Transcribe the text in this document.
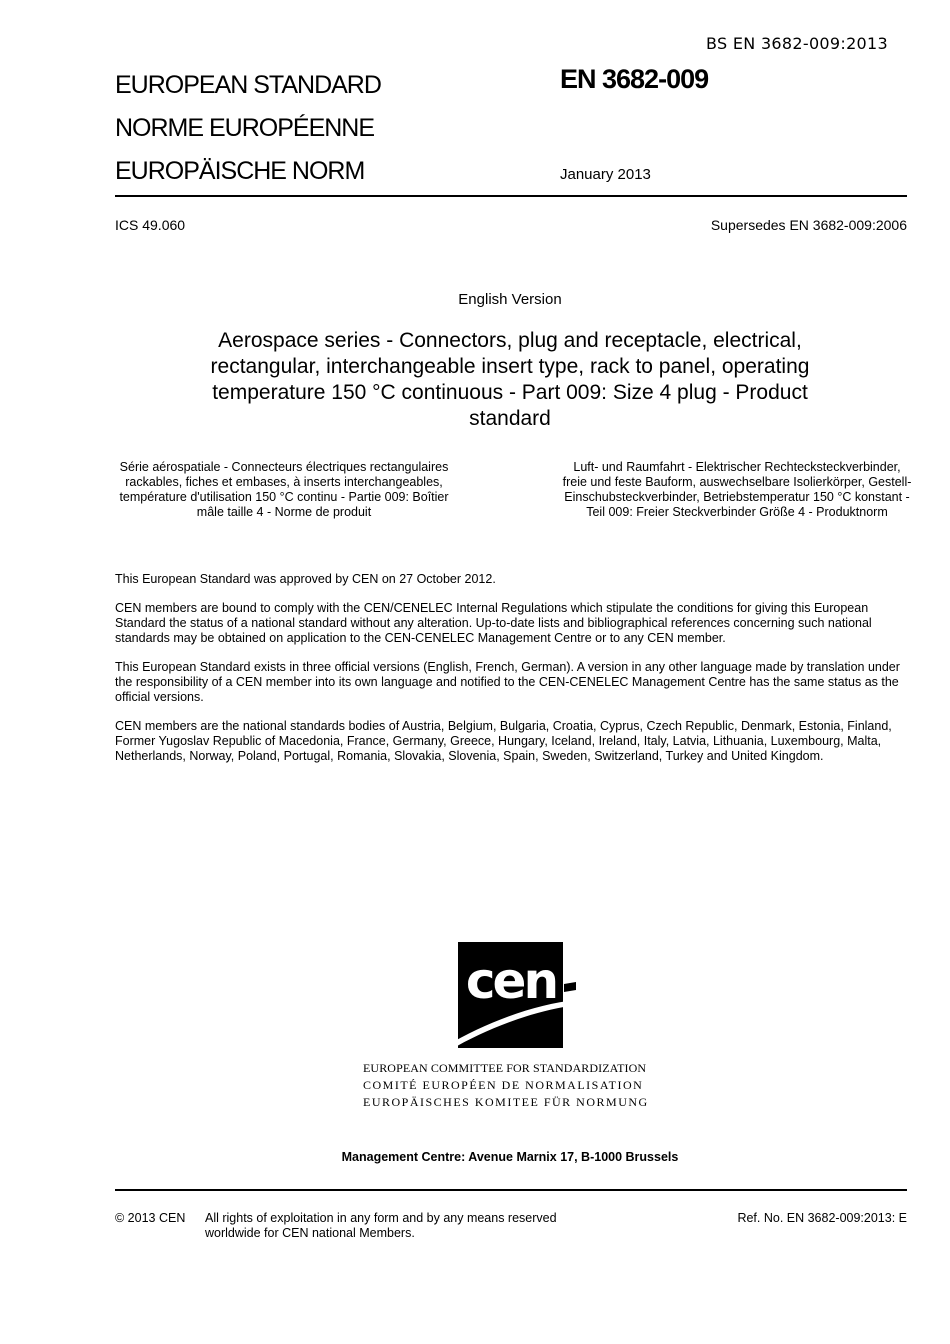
BS EN 3682-009:2013
EUROPEAN STANDARD
NORME EUROPÉENNE
EUROPÄISCHE NORM
EN 3682-009
January 2013
ICS 49.060	Supersedes EN 3682-009:2006
English Version
Aerospace series - Connectors, plug and receptacle, electrical, rectangular, interchangeable insert type, rack to panel, operating temperature 150 °C continuous - Part 009: Size 4 plug - Product standard
Série aérospatiale - Connecteurs électriques rectangulaires rackables, fiches et embases, à inserts interchangeables, température d'utilisation 150 °C continu - Partie 009: Boîtier mâle taille 4 - Norme de produit
Luft- und Raumfahrt - Elektrischer Rechtecksteckverbinder, freie und feste Bauform, auswechselbare Isolierkörper, Gestell-Einschubsteckverbinder, Betriebstemperatur 150 °C konstant - Teil 009: Freier Steckverbinder Größe 4 - Produktnorm

This European Standard was approved by CEN on 27 October 2012.

CEN members are bound to comply with the CEN/CENELEC Internal Regulations which stipulate the conditions for giving this European Standard the status of a national standard without any alteration. Up-to-date lists and bibliographical references concerning such national standards may be obtained on application to the CEN-CENELEC Management Centre or to any CEN member.

This European Standard exists in three official versions (English, French, German). A version in any other language made by translation under the responsibility of a CEN member into its own language and notified to the CEN-CENELEC Management Centre has the same status as the official versions.

CEN members are the national standards bodies of Austria, Belgium, Bulgaria, Croatia, Cyprus, Czech Republic, Denmark, Estonia, Finland, Former Yugoslav Republic of Macedonia, France, Germany, Greece, Hungary, Iceland, Ireland, Italy, Latvia, Lithuania, Luxembourg, Malta, Netherlands, Norway, Poland, Portugal, Romania, Slovakia, Slovenia, Spain, Sweden, Switzerland, Turkey and United Kingdom.

cen
EUROPEAN COMMITTEE FOR STANDARDIZATION
COMITÉ EUROPÉEN DE NORMALISATION
EUROPÄISCHES KOMITEE FÜR NORMUNG
Management Centre: Avenue Marnix 17, B-1000 Brussels
© 2013 CEN All rights of exploitation in any form and by any means reserved worldwide for CEN national Members.
Ref. No. EN 3682-009:2013: E
